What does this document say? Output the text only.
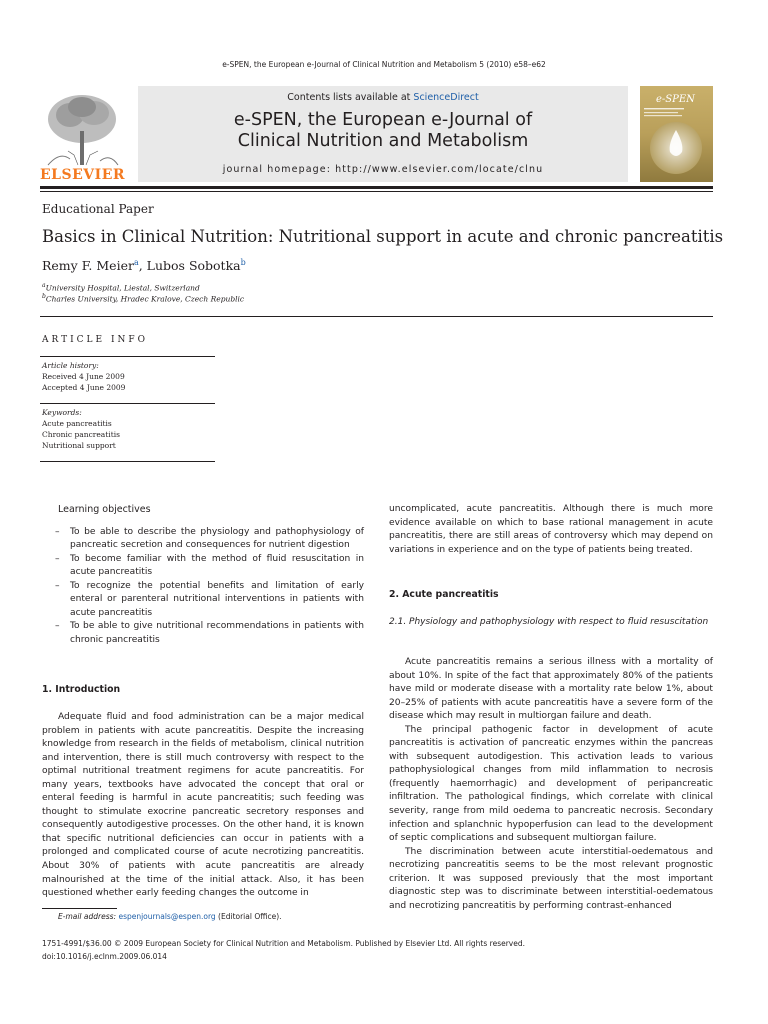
e-SPEN, the European e-Journal of Clinical Nutrition and Metabolism 5 (2010) e58–e62
ELSEVIER
Contents lists available at ScienceDirect
e-SPEN, the European e-Journal of
Clinical Nutrition and Metabolism
journal homepage: http://www.elsevier.com/locate/clnu
e-SPEN
Educational Paper
Basics in Clinical Nutrition: Nutritional support in acute and chronic pancreatitis
Remy F. Meier$^a$, Lubos Sobotka$^b$
$^a$University Hospital, Liestal, Switzerland
$^b$Charles University, Hradec Kralove, Czech Republic
ARTICLE INFO
Article history:
Received 4 June 2009
Accepted 4 June 2009
Keywords:
Acute pancreatitis
Chronic pancreatitis
Nutritional support
Learning objectives
– To be able to describe the physiology and pathophysiology of pancreatic secretion and consequences for nutrient digestion
– To become familiar with the method of fluid resuscitation in acute pancreatitis
– To recognize the potential benefits and limitation of early enteral or parenteral nutritional interventions in patients with acute pancreatitis
– To be able to give nutritional recommendations in patients with chronic pancreatitis
1. Introduction

Adequate fluid and food administration can be a major medical problem in patients with acute pancreatitis. Despite the increasing knowledge from research in the fields of metabolism, clinical nutrition and intervention, there is still much controversy with respect to the optimal nutritional treatment regimens for acute pancreatitis. For many years, textbooks have advocated the concept that oral or enteral feeding is harmful in acute pancreatitis; such feeding was thought to stimulate exocrine pancreatic secretory responses and consequently autodigestive processes. On the other hand, it is known that specific nutritional deficiencies can occur in patients with a prolonged and complicated course of acute necrotizing pancreatitis. About 30% of patients with acute pancreatitis are already malnourished at the time of the initial attack. Also, it has been questioned whether early feeding changes the outcome in

uncomplicated, acute pancreatitis. Although there is much more evidence available on which to base rational management in acute pancreatitis, there are still areas of controversy which may depend on variations in experience and on the type of patients being treated.

2. Acute pancreatitis
2.1. Physiology and pathophysiology with respect to fluid resuscitation

Acute pancreatitis remains a serious illness with a mortality of about 10%. In spite of the fact that approximately 80% of the patients have mild or moderate disease with a mortality rate below 1%, about 20–25% of patients with acute pancreatitis have a severe form of the disease which may result in multiorgan failure and death.

The principal pathogenic factor in development of acute pancreatitis is activation of pancreatic enzymes within the pancreas with subsequent autodigestion. This activation leads to various pathophysiological changes from mild inflammation to necrosis (frequently haemorrhagic) and development of peripancreatic infiltration. The pathological findings, which correlate with clinical severity, range from mild oedema to pancreatic necrosis. Secondary infection and splanchnic hypoperfusion can lead to the development of septic complications and subsequent multiorgan failure.

The discrimination between acute interstitial-oedematous and necrotizing pancreatitis seems to be the most relevant prognostic criterion. It was supposed previously that the most important diagnostic step was to discriminate between interstitial-oedematous and necrotizing pancreatitis by performing contrast-enhanced

E-mail address: espenjournals@espen.org (Editorial Office).
1751-4991/$36.00 © 2009 European Society for Clinical Nutrition and Metabolism. Published by Elsevier Ltd. All rights reserved.
doi:10.1016/j.eclnm.2009.06.014
